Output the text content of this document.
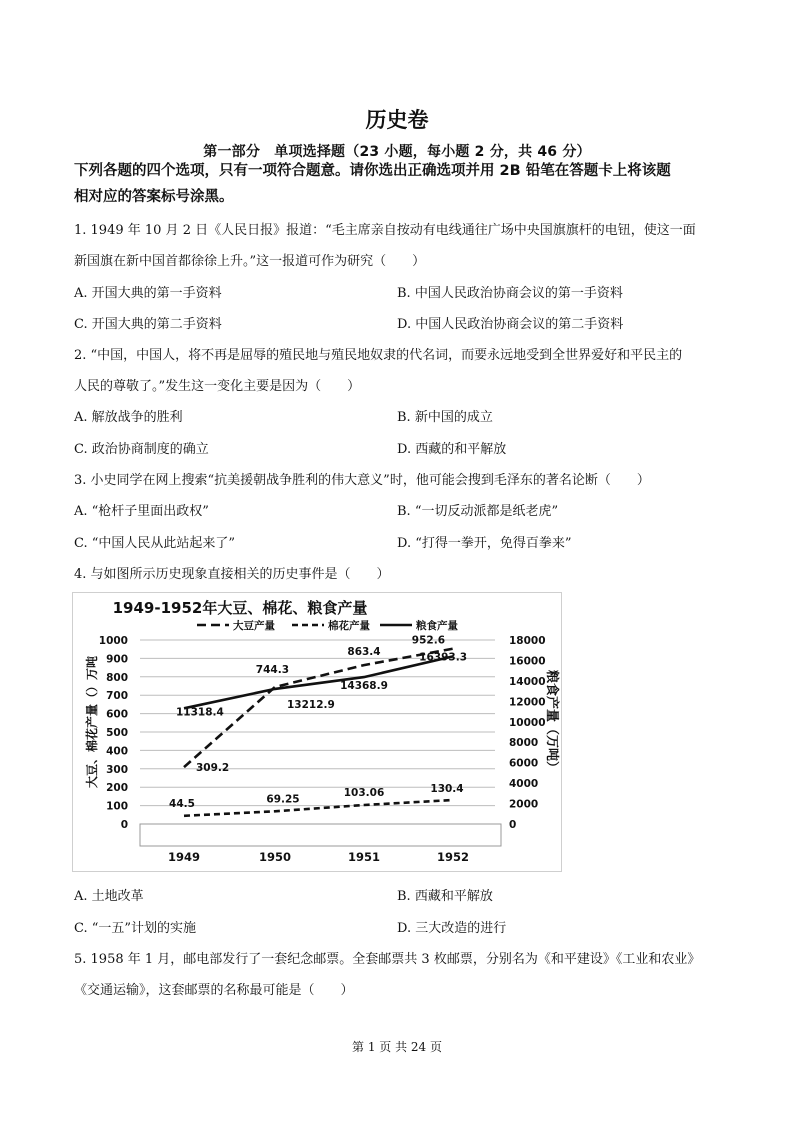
历史卷
第一部分　单项选择题（23 小题，每小题 2 分，共 46 分）
下列各题的四个选项，只有一项符合题意。请你选出正确选项并用 2B 铅笔在答题卡上将该题
相对应的答案标号涂黑。
1. 1949 年 10 月 2 日《人民日报》报道：“毛主席亲自按动有电线通往广场中央国旗旗杆的电钮，使这一面
新国旗在新中国首都徐徐上升。”这一报道可作为研究（　　）
A. 开国大典的第一手资料	B. 中国人民政治协商会议的第一手资料
C. 开国大典的第二手资料	D. 中国人民政治协商会议的第二手资料
2. “中国，中国人，将不再是屈辱的殖民地与殖民地奴隶的代名词，而要永远地受到全世界爱好和平民主的
人民的尊敬了。”发生这一变化主要是因为（　　）
A. 解放战争的胜利	B. 新中国的成立
C. 政治协商制度的确立	D. 西藏的和平解放
3. 小史同学在网上搜索“抗美援朝战争胜利的伟大意义”时，他可能会搜到毛泽东的著名论断（　　）
A. “枪杆子里面出政权”	B. “一切反动派都是纸老虎”
C. “中国人民从此站起来了”	D. “打得一拳开，免得百拳来”
4. 与如图所示历史现象直接相关的历史事件是（　　）
1949-1952年大豆、棉花、粮食产量
大豆产量	棉花产量	粮食产量
1000
900
800
700
600
500
400
300
200
100
0
18000
16000
14000
12000
10000
8000
6000
4000
2000
0
1949	1950	1951	1952
309.2
744.3
863.4
952.6
44.5	69.25
103.06	130.4
11318.4
13212.9
14368.9
16393.3
大豆、棉花产量（）万吨	粮食产量（万吨）
A. 土地改革	B. 西藏和平解放
C. “一五”计划的实施	D. 三大改造的进行
5. 1958 年 1 月，邮电部发行了一套纪念邮票。全套邮票共 3 枚邮票，分别名为《和平建设》《工业和农业》
《交通运输》，这套邮票的名称最可能是（　　）
第 1 页 共 24 页
